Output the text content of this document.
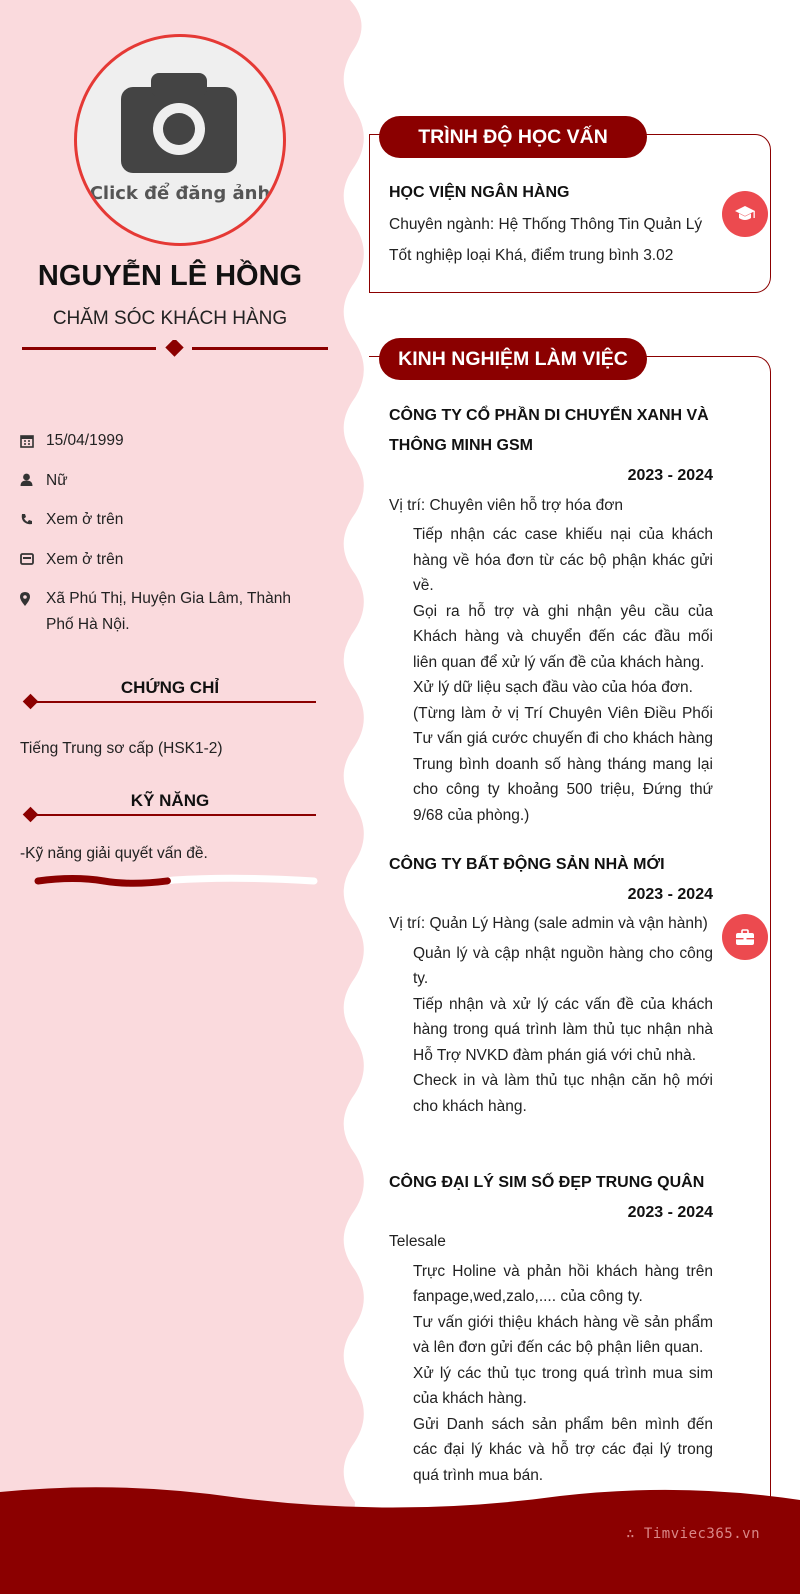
Click để đăng ảnh
NGUYỄN LÊ HỒNG
CHĂM SÓC KHÁCH HÀNG
15/04/1999
Nữ
Xem ở trên
Xem ở trên
Xã Phú Thị, Huyện Gia Lâm, Thành Phố Hà Nội.
CHỨNG CHỈ
Tiếng Trung sơ cấp (HSK1-2)
KỸ NĂNG
-Kỹ năng giải quyết vấn đề.
TRÌNH ĐỘ HỌC VẤN
HỌC VIỆN NGÂN HÀNG
Chuyên ngành: Hệ Thống Thông Tin Quản Lý
Tốt nghiệp loại Khá, điểm trung bình 3.02
KINH NGHIỆM LÀM VIỆC
CÔNG TY CỔ PHẦN DI CHUYỂN XANH VÀ THÔNG MINH GSM
2023 - 2024
Vị trí: Chuyên viên hỗ trợ hóa đơn
Tiếp nhận các case khiếu nại của khách hàng về hóa đơn từ các bộ phận khác gửi về.
Gọi ra hỗ trợ và ghi nhận yêu cầu của Khách hàng và chuyển đến các đầu mối liên quan để xử lý vấn đề của khách hàng.
Xử lý dữ liệu sạch đầu vào của hóa đơn.
(Từng làm ở vị Trí Chuyên Viên Điều Phối Tư vấn giá cước chuyến đi cho khách hàng Trung bình doanh số hàng tháng mang lại cho công ty khoảng 500 triệu, Đứng thứ 9/68 của phòng.)
CÔNG TY BẤT ĐỘNG SẢN NHÀ MỚI
2023 - 2024
Vị trí: Quản Lý Hàng (sale admin và vận hành)
Quản lý và cập nhật nguồn hàng cho công ty.
Tiếp nhận và xử lý các vấn đề của khách hàng trong quá trình làm thủ tục nhận nhà Hỗ Trợ NVKD đàm phán giá với chủ nhà.
Check in và làm thủ tục nhận căn hộ mới cho khách hàng.
CÔNG ĐẠI LÝ SIM SỐ ĐẸP TRUNG QUÂN
2023 - 2024
Telesale
Trực Holine và phản hồi khách hàng trên fanpage,wed,zalo,.... của công ty.
Tư vấn giới thiệu khách hàng về sản phẩm và lên đơn gửi đến các bộ phận liên quan.
Xử lý các thủ tục trong quá trình mua sim của khách hàng.
Gửi Danh sách sản phẩm bên mình đến các đại lý khác và hỗ trợ các đại lý trong quá trình mua bán.
∴ Timviec365.vn
